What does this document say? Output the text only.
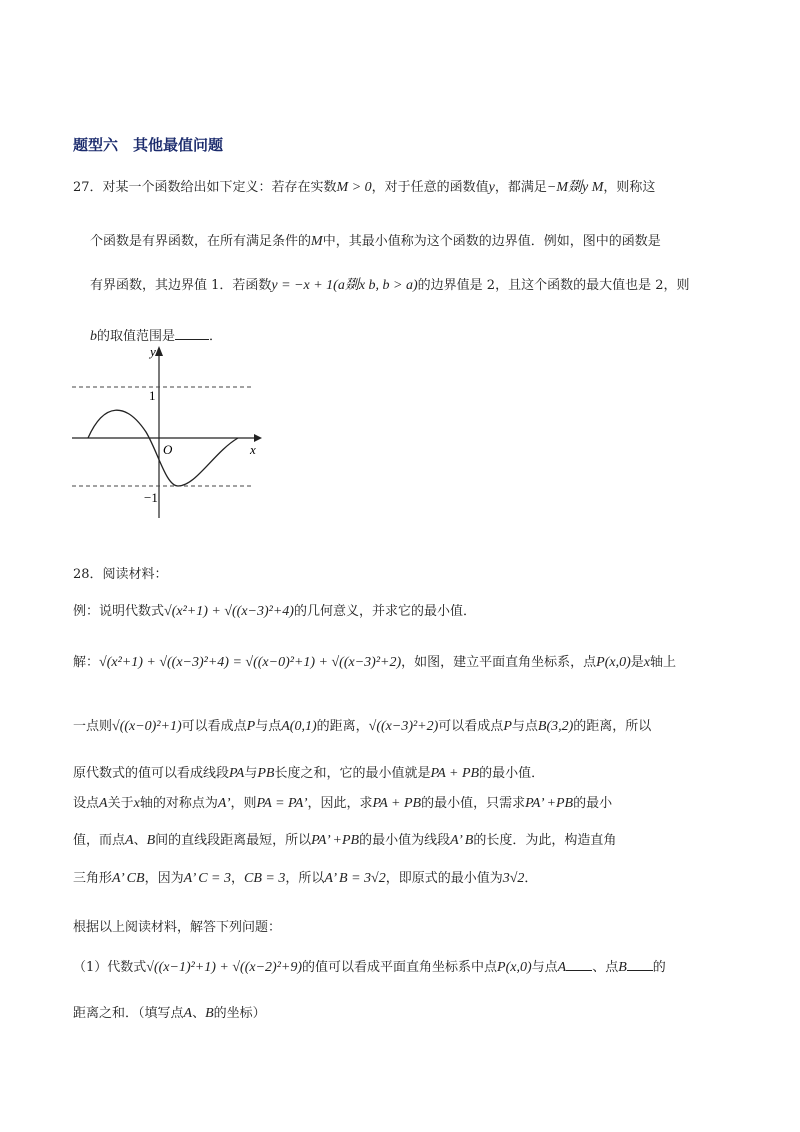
题型六　其他最值问题
27．对某一个函数给出如下定义：若存在实数M > 0，对于任意的函数值y，都满足−M剟y M，则称这
个函数是有界函数，在所有满足条件的M中，其最小值称为这个函数的边界值．例如，图中的函数是
有界函数，其边界值 1．若函数y = −x + 1(a剟x b, b > a)的边界值是 2，且这个函数的最大值也是 2，则
b的取值范围是	．
y
x
O
1
−1
28．阅读材料：
例：说明代数式√(x²+1) + √((x−3)²+4)的几何意义，并求它的最小值．
解：√(x²+1) + √((x−3)²+4) = √((x−0)²+1) + √((x−3)²+2)，如图，建立平面直角坐标系，点P(x,0)是x轴上
一点则√((x−0)²+1)可以看成点P与点A(0,1)的距离，√((x−3)²+2)可以看成点P与点B(3,2)的距离，所以
原代数式的值可以看成线段PA与PB长度之和，它的最小值就是PA + PB的最小值．
设点A关于x轴的对称点为A’，则PA = PA’，因此，求PA + PB的最小值，只需求PA’ +PB的最小
值，而点A、B间的直线段距离最短，所以PA’ +PB的最小值为线段A’ B的长度．为此，构造直角
三角形A’ CB，因为A’ C = 3，CB = 3，所以A’ B = 3√2，即原式的最小值为3√2．
根据以上阅读材料，解答下列问题：
（1）代数式√((x−1)²+1) + √((x−2)²+9)的值可以看成平面直角坐标系中点P(x,0)与点A 、点B 的
距离之和．（填写点A、B的坐标）
